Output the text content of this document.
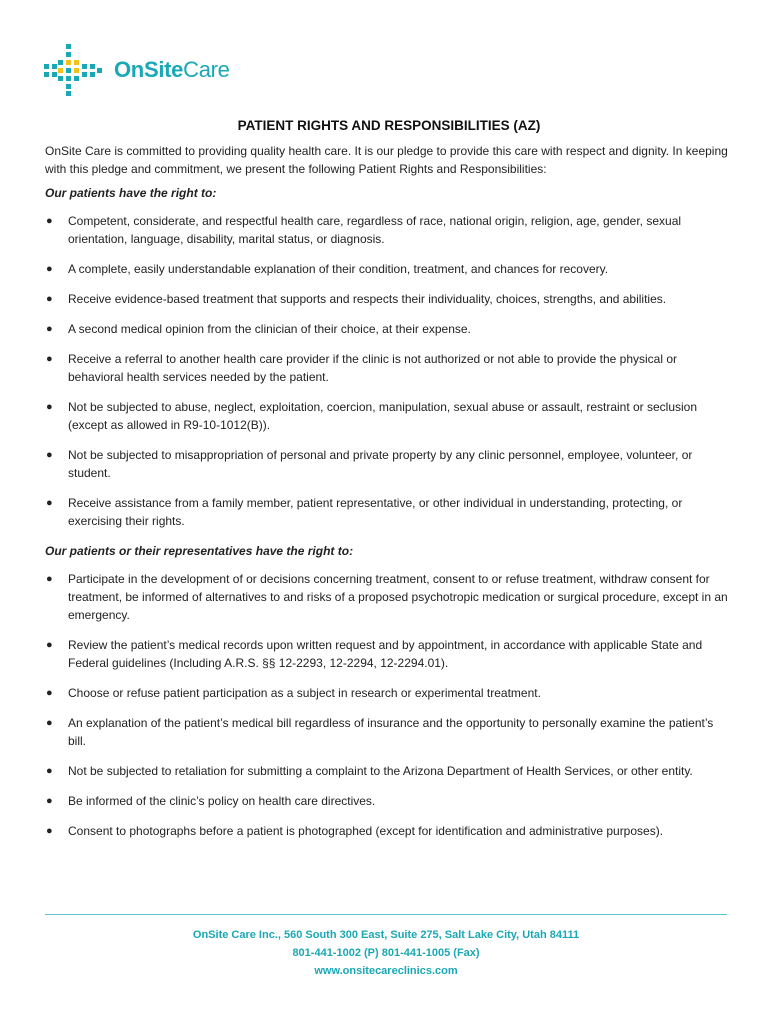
OnSiteCare
PATIENT RIGHTS AND RESPONSIBILITIES (AZ)

OnSite Care is committed to providing quality health care. It is our pledge to provide this care with respect and dignity. In keeping with this pledge and commitment, we present the following Patient Rights and Responsibilities:

Our patients have the right to:
● Competent, considerate, and respectful health care, regardless of race, national origin, religion, age, gender, sexual orientation, language, disability, marital status, or diagnosis.
● A complete, easily understandable explanation of their condition, treatment, and chances for recovery.
● Receive evidence-based treatment that supports and respects their individuality, choices, strengths, and abilities.
● A second medical opinion from the clinician of their choice, at their expense.
● Receive a referral to another health care provider if the clinic is not authorized or not able to provide the physical or behavioral health services needed by the patient.
● Not be subjected to abuse, neglect, exploitation, coercion, manipulation, sexual abuse or assault, restraint or seclusion (except as allowed in R9-10-1012(B)).
● Not be subjected to misappropriation of personal and private property by any clinic personnel, employee, volunteer, or student.
● Receive assistance from a family member, patient representative, or other individual in understanding, protecting, or exercising their rights.
Our patients or their representatives have the right to:
● Participate in the development of or decisions concerning treatment, consent to or refuse treatment, withdraw consent for treatment, be informed of alternatives to and risks of a proposed psychotropic medication or surgical procedure, except in an emergency.
● Review the patient’s medical records upon written request and by appointment, in accordance with applicable State and Federal guidelines (Including A.R.S. §§ 12-2293, 12-2294, 12-2294.01).
● Choose or refuse patient participation as a subject in research or experimental treatment.
● An explanation of the patient’s medical bill regardless of insurance and the opportunity to personally examine the patient’s bill.
● Not be subjected to retaliation for submitting a complaint to the Arizona Department of Health Services, or other entity.
● Be informed of the clinic’s policy on health care directives.
● Consent to photographs before a patient is photographed (except for identification and administrative purposes).
OnSite Care Inc., 560 South 300 East, Suite 275, Salt Lake City, Utah 84111
801-441-1002 (P) 801-441-1005 (Fax)
www.onsitecareclinics.com
